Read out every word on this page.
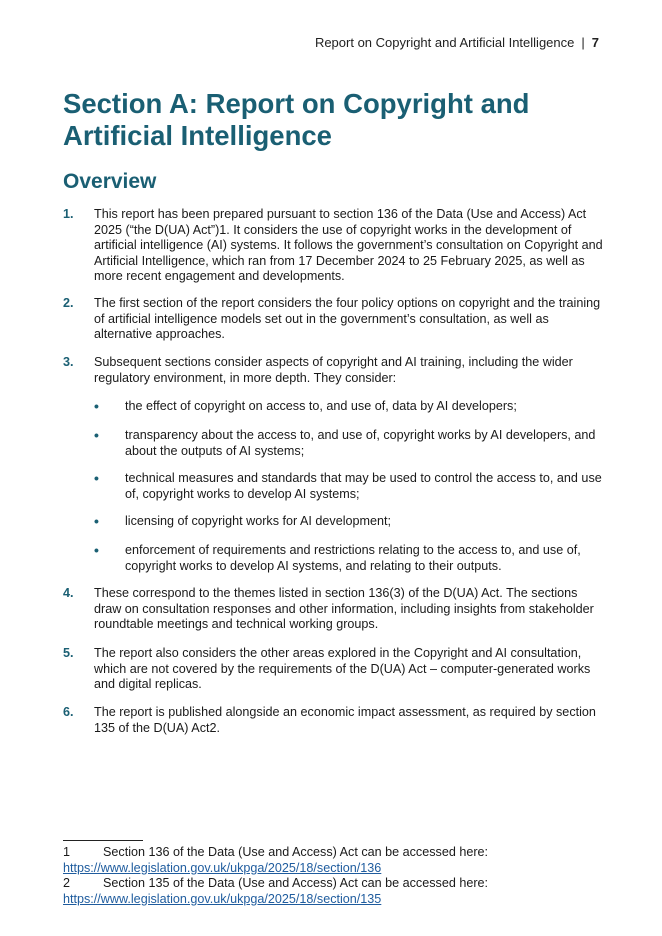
Report on Copyright and Artificial Intelligence | 7
Section A: Report on Copyright and Artificial Intelligence
Overview
1. This report has been prepared pursuant to section 136 of the Data (Use and Access) Act 2025 (“the D(UA) Act”)1. It considers the use of copyright works in the development of artificial intelligence (AI) systems. It follows the government’s consultation on Copyright and Artificial Intelligence, which ran from 17 December 2024 to 25 February 2025, as well as more recent engagement and developments.
2. The first section of the report considers the four policy options on copyright and the training of artificial intelligence models set out in the government’s consultation, as well as alternative approaches.
3. Subsequent sections consider aspects of copyright and AI training, including the wider regulatory environment, in more depth. They consider:
• the effect of copyright on access to, and use of, data by AI developers;
• transparency about the access to, and use of, copyright works by AI developers, and about the outputs of AI systems;
• technical measures and standards that may be used to control the access to, and use of, copyright works to develop AI systems;
• licensing of copyright works for AI development;
• enforcement of requirements and restrictions relating to the access to, and use of, copyright works to develop AI systems, and relating to their outputs.
4. These correspond to the themes listed in section 136(3) of the D(UA) Act. The sections draw on consultation responses and other information, including insights from stakeholder roundtable meetings and technical working groups.
5. The report also considers the other areas explored in the Copyright and AI consultation, which are not covered by the requirements of the D(UA) Act – computer-generated works and digital replicas.
6. The report is published alongside an economic impact assessment, as required by section 135 of the D(UA) Act2.
1	Section 136 of the Data (Use and Access) Act can be accessed here: https://www.legislation.gov.uk/ukpga/2025/18/section/136
2	Section 135 of the Data (Use and Access) Act can be accessed here: https://www.legislation.gov.uk/ukpga/2025/18/section/135
